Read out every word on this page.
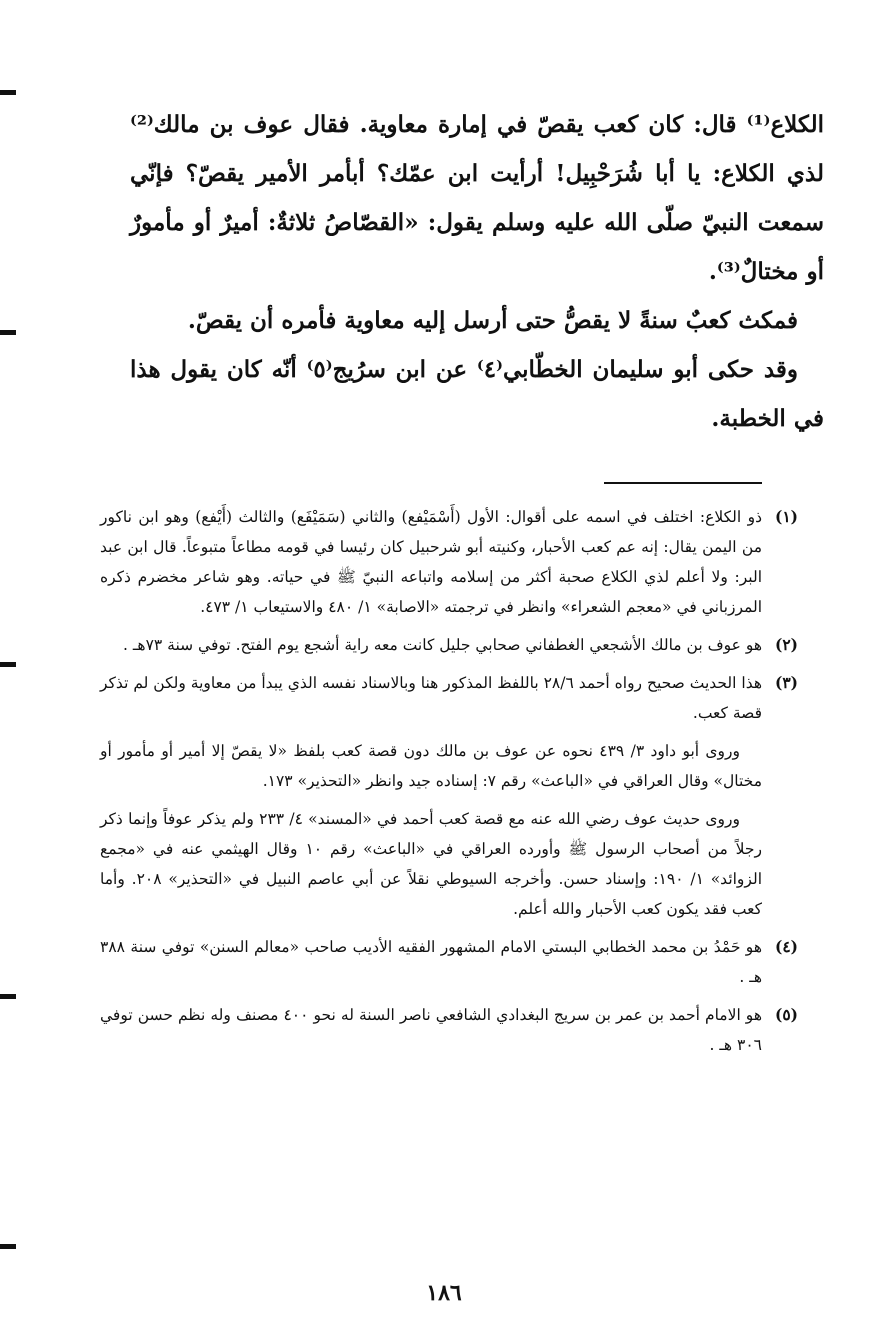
الكلاع⁽¹⁾ قال: كان كعب يقصّ في إمارة معاوية. فقال عوف بن مالك⁽²⁾ لذي الكلاع: يا أبا شُرَحْبِيل! أرأيت ابن عمّك؟ أبأمر الأمير يقصّ؟ فإنّي سمعت النبيّ صلّى الله عليه وسلم يقول: «القصّاصُ ثلاثةٌ: أميرٌ أو مأمورٌ أو مختالٌ⁽³⁾.

فمكث كعبٌ سنةً لا يقصُّ حتى أرسل إليه معاوية فأمره أن يقصّ.

وقد حكى أبو سليمان الخطّابي⁽٤⁾ عن ابن سرُيج⁽٥⁾ أنّه كان يقول هذا في الخطبة.

(١)

ذو الكلاع: اختلف في اسمه على أقوال: الأول (أَسْمَيْفع) والثاني (سَمَيْفَع) والثالث (أَيْفع) وهو ابن ناكور من اليمن يقال: إنه عم كعب الأحبار، وكنيته أبو شرحبيل كان رئيسا في قومه مطاعاً متبوعاً. قال ابن عبد البر: ولا أعلم لذي الكلاع صحبة أكثر من إسلامه واتباعه النبيّ ﷺ في حياته. وهو شاعر مخضرم ذكره المرزباني في «معجم الشعراء» وانظر في ترجمته «الاصابة» ١/ ٤٨٠ والاستيعاب ١/ ٤٧٣.

(٢)

هو عوف بن مالك الأشجعي الغطفاني صحابي جليل كانت معه راية أشجع يوم الفتح. توفي سنة ٧٣هـ .

(٣)

هذا الحديث صحيح رواه أحمد ٢٨/٦ باللفظ المذكور هنا وبالاسناد نفسه الذي يبدأ من معاوية ولكن لم تذكر قصة كعب.

وروى أبو داود ٣/ ٤٣٩ نحوه عن عوف بن مالك دون قصة كعب بلفظ «لا يقصّ إلا أمير أو مأمور أو مختال» وقال العراقي في «الباعث» رقم ٧: إسناده جيد وانظر «التحذير» ١٧٣.

وروى حديث عوف رضي الله عنه مع قصة كعب أحمد في «المسند» ٤/ ٢٣٣ ولم يذكر عوفاً وإنما ذكر رجلاً من أصحاب الرسول ﷺ وأورده العراقي في «الباعث» رقم ١٠ وقال الهيثمي عنه في «مجمع الزوائد» ١/ ١٩٠: وإسناد حسن. وأخرجه السيوطي نقلاً عن أبي عاصم النبيل في «التحذير» ٢٠٨. وأما كعب فقد يكون كعب الأحبار والله أعلم.

(٤)

هو حَمْدُ بن محمد الخطابي البستي الامام المشهور الفقيه الأديب صاحب «معالم السنن» توفي سنة ٣٨٨ هـ .

(٥)

هو الامام أحمد بن عمر بن سريج البغدادي الشافعي ناصر السنة له نحو ٤٠٠ مصنف وله نظم حسن توفي ٣٠٦ هـ .

١٨٦
